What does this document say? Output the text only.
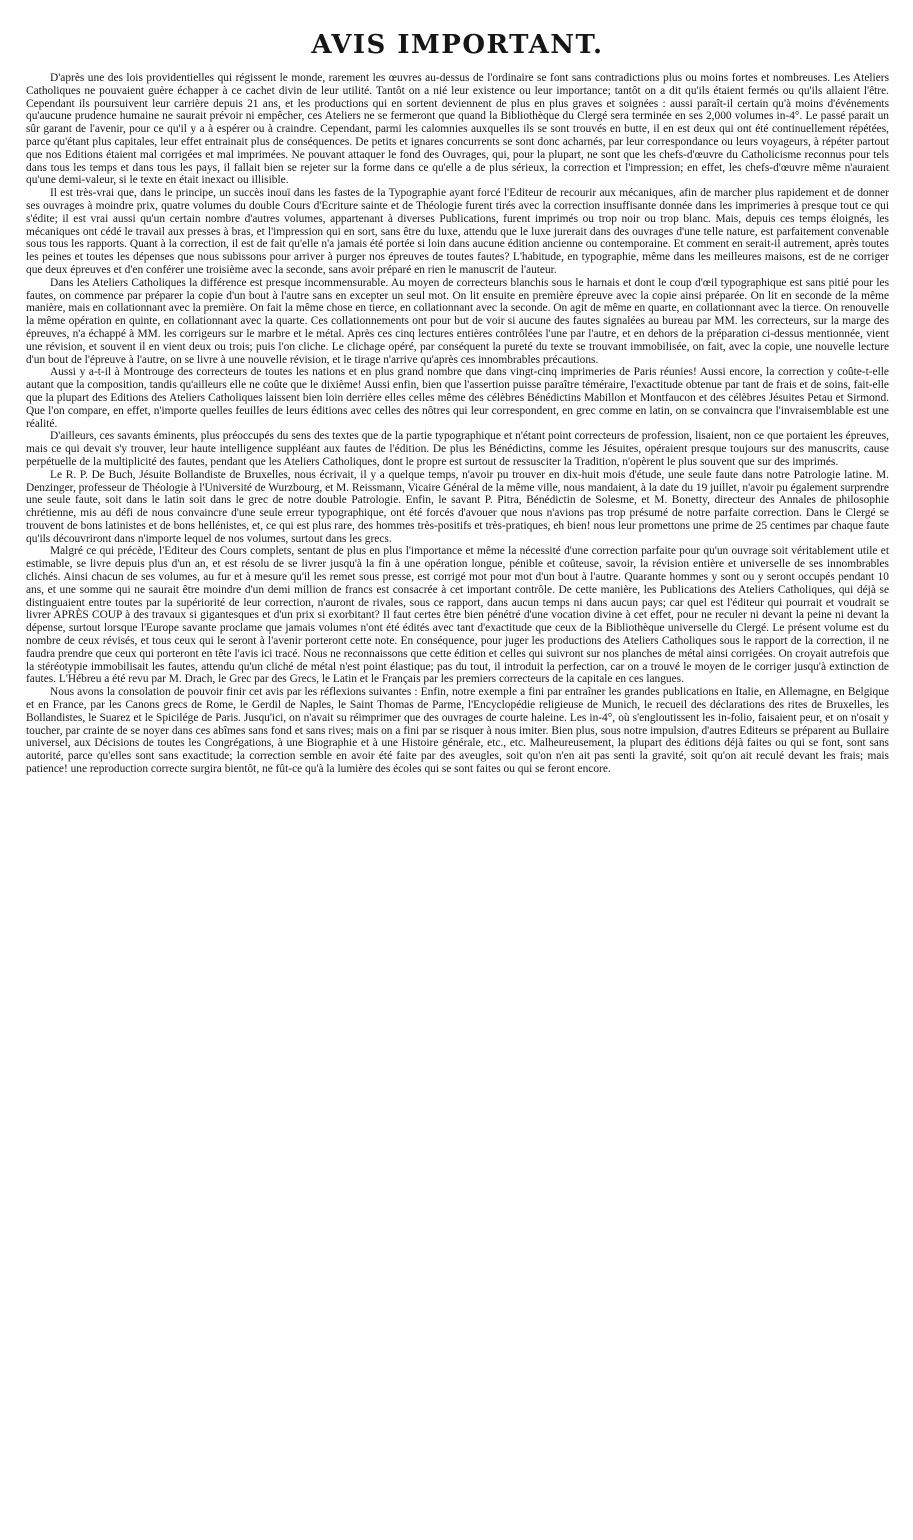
AVIS IMPORTANT.

D'après une des lois providentielles qui régissent le monde, rarement les œuvres au-dessus de l'ordinaire se font sans contradictions plus ou moins fortes et nombreuses. Les Ateliers Catholiques ne pouvaient guère échapper à ce cachet divin de leur utilité. Tantôt on a nié leur existence ou leur importance; tantôt on a dit qu'ils étaient fermés ou qu'ils allaient l'être. Cependant ils poursuivent leur carrière depuis 21 ans, et les productions qui en sortent deviennent de plus en plus graves et soignées : aussi paraît-il certain qu'à moins d'événements qu'aucune prudence humaine ne saurait prévoir ni empêcher, ces Ateliers ne se fermeront que quand la Bibliothèque du Clergé sera terminée en ses 2,000 volumes in-4°. Le passé parait un sûr garant de l'avenir, pour ce qu'il y a à espérer ou à craindre. Cependant, parmi les calomnies auxquelles ils se sont trouvés en butte, il en est deux qui ont été continuellement répétées, parce qu'étant plus capitales, leur effet entrainait plus de conséquences. De petits et ignares concurrents se sont donc acharnés, par leur correspondance ou leurs voyageurs, à répéter partout que nos Editions étaient mal corrigées et mal imprimées. Ne pouvant attaquer le fond des Ouvrages, qui, pour la plupart, ne sont que les chefs-d'œuvre du Catholicisme reconnus pour tels dans tous les temps et dans tous les pays, il fallait bien se rejeter sur la forme dans ce qu'elle a de plus sérieux, la correction et l'impression; en effet, les chefs-d'œuvre même n'auraient qu'une demi-valeur, si le texte en était inexact ou illisible.

Il est très-vrai que, dans le principe, un succès inouï dans les fastes de la Typographie ayant forcé l'Editeur de recourir aux mécaniques, afin de marcher plus rapidement et de donner ses ouvrages à moindre prix, quatre volumes du double Cours d'Ecriture sainte et de Théologie furent tirés avec la correction insuffisante donnée dans les imprimeries à presque tout ce qui s'édite; il est vrai aussi qu'un certain nombre d'autres volumes, appartenant à diverses Publications, furent imprimés ou trop noir ou trop blanc. Mais, depuis ces temps éloignés, les mécaniques ont cédé le travail aux presses à bras, et l'impression qui en sort, sans être du luxe, attendu que le luxe jurerait dans des ouvrages d'une telle nature, est parfaitement convenable sous tous les rapports. Quant à la correction, il est de fait qu'elle n'a jamais été portée si loin dans aucune édition ancienne ou contemporaine. Et comment en serait-il autrement, après toutes les peines et toutes les dépenses que nous subissons pour arriver à purger nos épreuves de toutes fautes? L'habitude, en typographie, même dans les meilleures maisons, est de ne corriger que deux épreuves et d'en conférer une troisième avec la seconde, sans avoir préparé en rien le manuscrit de l'auteur.

Dans les Ateliers Catholiques la différence est presque incommensurable. Au moyen de correcteurs blanchis sous le harnais et dont le coup d'œil typographique est sans pitié pour les fautes, on commence par préparer la copie d'un bout à l'autre sans en excepter un seul mot. On lit ensuite en première épreuve avec la copie ainsi préparée. On lit en seconde de la même manière, mais en collationnant avec la première. On fait la même chose en tierce, en collationnant avec la seconde. On agit de même en quarte, en collationnant avec la tierce. On renouvelle la même opération en quinte, en collationnant avec la quarte. Ces collationnements ont pour but de voir si aucune des fautes signalées au bureau par MM. les correcteurs, sur la marge des épreuves, n'a échappé à MM. les corrigeurs sur le marbre et le métal. Après ces cinq lectures entières contrôlées l'une par l'autre, et en dehors de la préparation ci-dessus mentionnée, vient une révision, et souvent il en vient deux ou trois; puis l'on cliche. Le clichage opéré, par conséquent la pureté du texte se trouvant immobilisée, on fait, avec la copie, une nouvelle lecture d'un bout de l'épreuve à l'autre, on se livre à une nouvelle révision, et le tirage n'arrive qu'après ces innombrables précautions.

Aussi y a-t-il à Montrouge des correcteurs de toutes les nations et en plus grand nombre que dans vingt-cinq imprimeries de Paris réunies! Aussi encore, la correction y coûte-t-elle autant que la composition, tandis qu'ailleurs elle ne coûte que le dixième! Aussi enfin, bien que l'assertion puisse paraître téméraire, l'exactitude obtenue par tant de frais et de soins, fait-elle que la plupart des Editions des Ateliers Catholiques laissent bien loin derrière elles celles même des célèbres Bénédictins Mabillon et Montfaucon et des célèbres Jésuites Petau et Sirmond. Que l'on compare, en effet, n'importe quelles feuilles de leurs éditions avec celles des nôtres qui leur correspondent, en grec comme en latin, on se convaincra que l'invraisemblable est une réalité.

D'ailleurs, ces savants éminents, plus préoccupés du sens des textes que de la partie typographique et n'étant point correcteurs de profession, lisaient, non ce que portaient les épreuves, mais ce qui devait s'y trouver, leur haute intelligence suppléant aux fautes de l'édition. De plus les Bénédictins, comme les Jésuites, opéraient presque toujours sur des manuscrits, cause perpétuelle de la multiplicité des fautes, pendant que les Ateliers Catholiques, dont le propre est surtout de ressusciter la Tradition, n'opèrent le plus souvent que sur des imprimés.

Le R. P. De Buch, Jésuite Bollandiste de Bruxelles, nous écrivait, il y a quelque temps, n'avoir pu trouver en dix-huit mois d'étude, une seule faute dans notre Patrologie latine. M. Denzinger, professeur de Théologie à l'Université de Wurzbourg, et M. Reissmann, Vicaire Général de la même ville, nous mandaient, à la date du 19 juillet, n'avoir pu également surprendre une seule faute, soit dans le latin soit dans le grec de notre double Patrologie. Enfin, le savant P. Pitra, Bénédictin de Solesme, et M. Bonetty, directeur des Annales de philosophie chrétienne, mis au défi de nous convaincre d'une seule erreur typographique, ont été forcés d'avouer que nous n'avions pas trop présumé de notre parfaite correction. Dans le Clergé se trouvent de bons latinistes et de bons hellénistes, et, ce qui est plus rare, des hommes très-positifs et très-pratiques, eh bien! nous leur promettons une prime de 25 centimes par chaque faute qu'ils découvriront dans n'importe lequel de nos volumes, surtout dans les grecs.

Malgré ce qui précède, l'Editeur des Cours complets, sentant de plus en plus l'importance et même la nécessité d'une correction parfaite pour qu'un ouvrage soit véritablement utile et estimable, se livre depuis plus d'un an, et est résolu de se livrer jusqu'à la fin à une opération longue, pénible et coûteuse, savoir, la révision entière et universelle de ses innombrables clichés. Ainsi chacun de ses volumes, au fur et à mesure qu'il les remet sous presse, est corrigé mot pour mot d'un bout à l'autre. Quarante hommes y sont ou y seront occupés pendant 10 ans, et une somme qui ne saurait être moindre d'un demi million de francs est consacrée à cet important contrôle. De cette manière, les Publications des Ateliers Catholiques, qui déjà se distinguaient entre toutes par la supériorité de leur correction, n'auront de rivales, sous ce rapport, dans aucun temps ni dans aucun pays; car quel est l'éditeur qui pourrait et voudrait se livrer APRÈS COUP à des travaux si gigantesques et d'un prix si exorbitant? Il faut certes être bien pénétré d'une vocation divine à cet effet, pour ne reculer ni devant la peine ni devant la dépense, surtout lorsque l'Europe savante proclame que jamais volumes n'ont été édités avec tant d'exactitude que ceux de la Bibliothèque universelle du Clergé. Le présent volume est du nombre de ceux révisés, et tous ceux qui le seront à l'avenir porteront cette note. En conséquence, pour juger les productions des Ateliers Catholiques sous le rapport de la correction, il ne faudra prendre que ceux qui porteront en tête l'avis ici tracé. Nous ne reconnaissons que cette édition et celles qui suivront sur nos planches de métal ainsi corrigées. On croyait autrefois que la stéréotypie immobilisait les fautes, attendu qu'un cliché de métal n'est point élastique; pas du tout, il introduit la perfection, car on a trouvé le moyen de le corriger jusqu'à extinction de fautes. L'Hébreu a été revu par M. Drach, le Grec par des Grecs, le Latin et le Français par les premiers correcteurs de la capitale en ces langues.

Nous avons la consolation de pouvoir finir cet avis par les réflexions suivantes : Enfin, notre exemple a fini par entraîner les grandes publications en Italie, en Allemagne, en Belgique et en France, par les Canons grecs de Rome, le Gerdil de Naples, le Saint Thomas de Parme, l'Encyclopédie religieuse de Munich, le recueil des déclarations des rites de Bruxelles, les Bollandistes, le Suarez et le Spicilége de Paris. Jusqu'ici, on n'avait su réimprimer que des ouvrages de courte haleine. Les in-4°, où s'engloutissent les in-folio, faisaient peur, et on n'osait y toucher, par crainte de se noyer dans ces abîmes sans fond et sans rives; mais on a fini par se risquer à nous imiter. Bien plus, sous notre impulsion, d'autres Editeurs se préparent au Bullaire universel, aux Décisions de toutes les Congrégations, à une Biographie et à une Histoire générale, etc., etc. Malheureusement, la plupart des éditions déjà faites ou qui se font, sont sans autorité, parce qu'elles sont sans exactitude; la correction semble en avoir été faite par des aveugles, soit qu'on n'en ait pas senti la gravité, soit qu'on ait reculé devant les frais; mais patience! une reproduction correcte surgira bientôt, ne fût-ce qu'à la lumière des écoles qui se sont faites ou qui se feront encore.
